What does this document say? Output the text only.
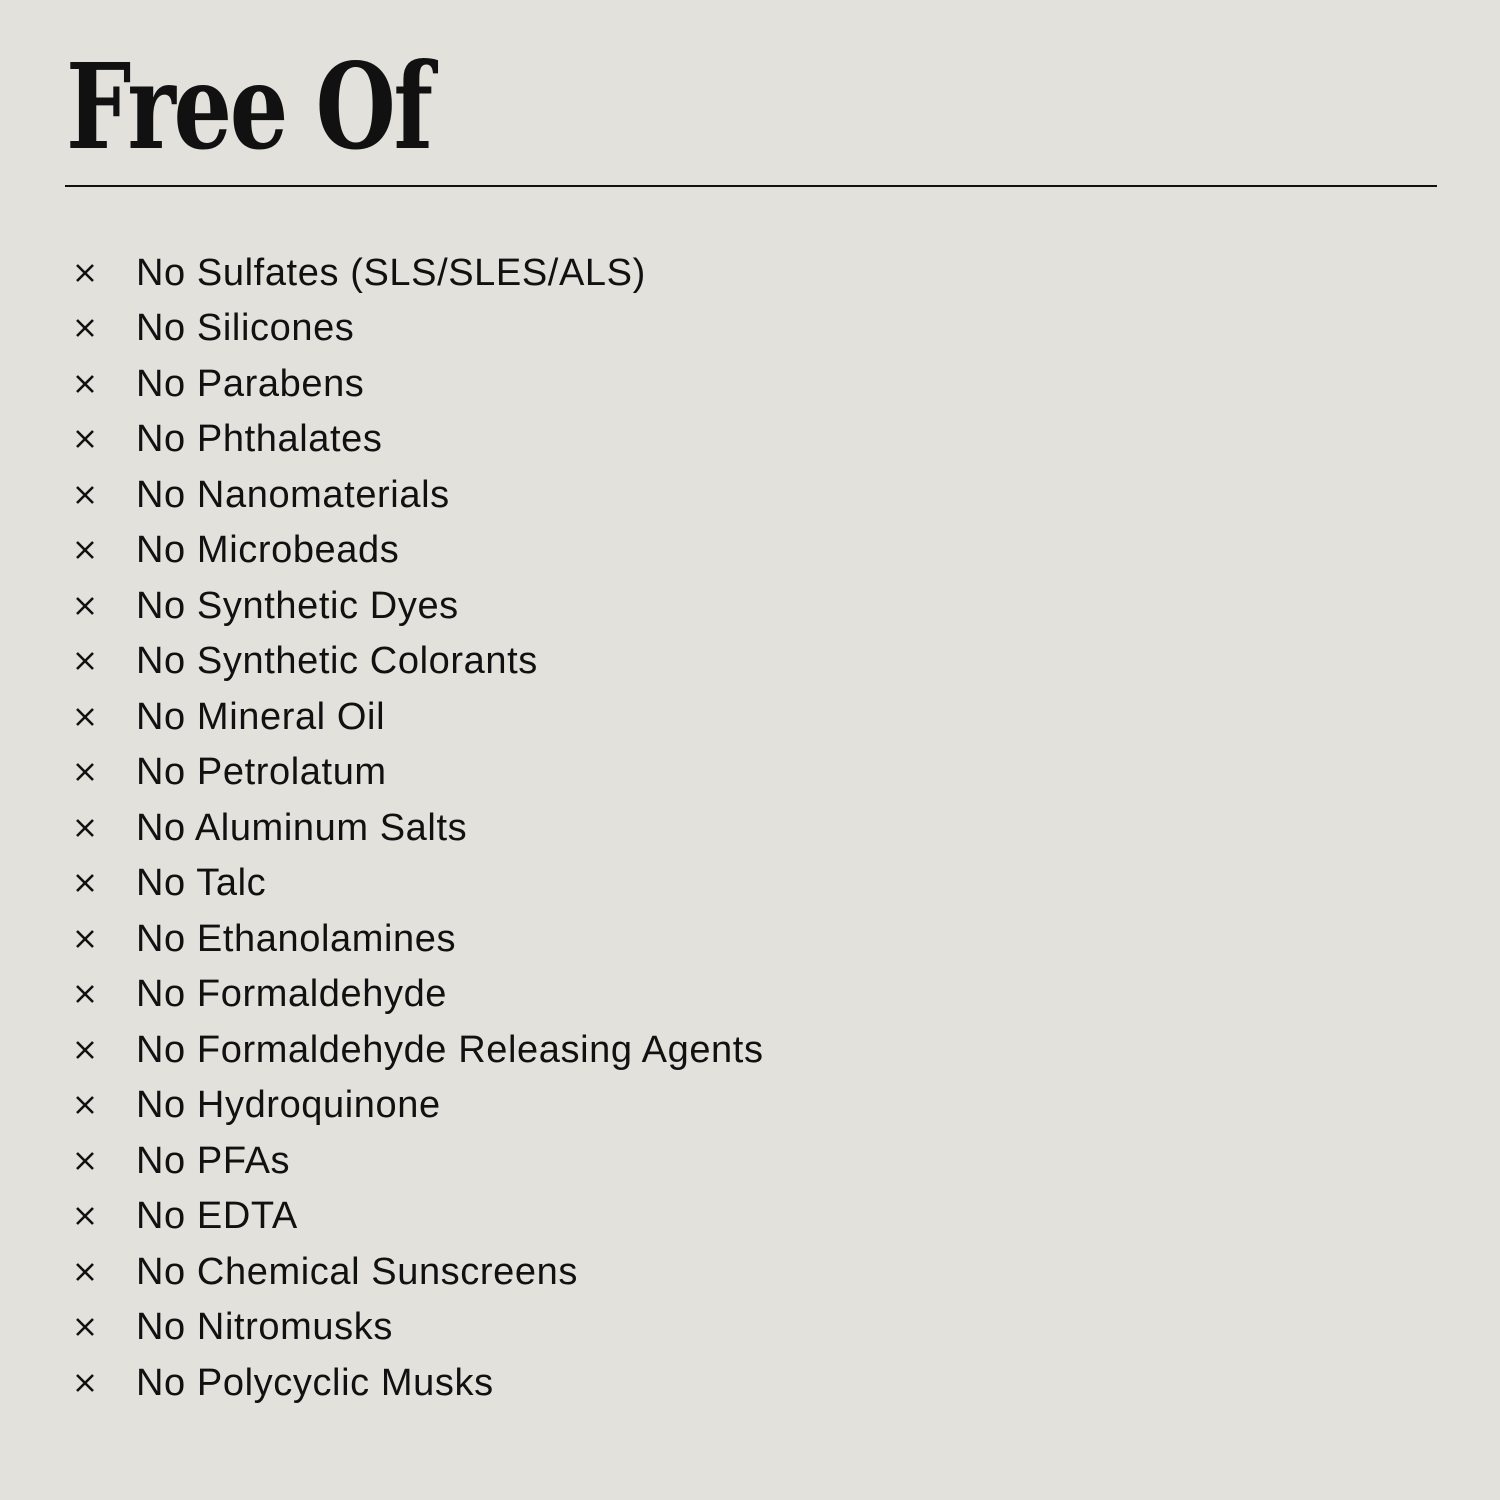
Free Of
No Sulfates (SLS/SLES/ALS)
No Silicones
No Parabens
No Phthalates
No Nanomaterials
No Microbeads
No Synthetic Dyes
No Synthetic Colorants
No Mineral Oil
No Petrolatum
No Aluminum Salts
No Talc
No Ethanolamines
No Formaldehyde
No Formaldehyde Releasing Agents
No Hydroquinone
No PFAs
No EDTA
No Chemical Sunscreens
No Nitromusks
No Polycyclic Musks
